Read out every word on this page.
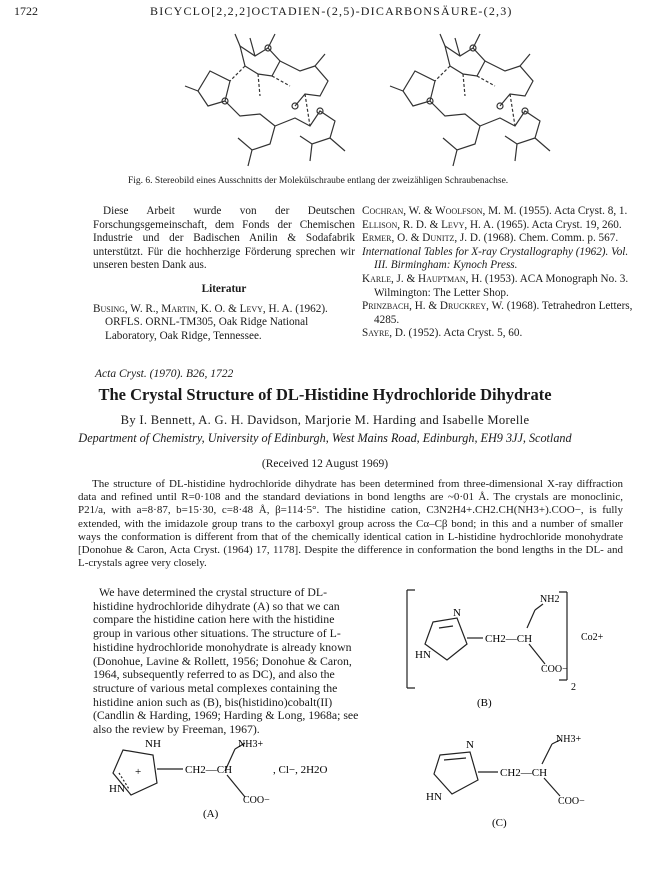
1722	BICYCLO[2,2,2]OCTADIEN-(2,5)-DICARBONSÄURE-(2,3)
Fig. 6. Stereobild eines Ausschnitts der Molekülschraube entlang der zweizähligen Schraubenachse.
Diese Arbeit wurde von der Deutschen Forschungsgemeinschaft, dem Fonds der Chemischen Industrie und der Badischen Anilin & Sodafabrik unterstützt. Für die hochherzige Förderung sprechen wir unseren besten Dank aus.
Literatur

Busing, W. R., Martin, K. O. & Levy, H. A. (1962). ORFLS. ORNL-TM305, Oak Ridge National Laboratory, Oak Ridge, Tennessee.

Cochran, W. & Woolfson, M. M. (1955). Acta Cryst. 8, 1.

Ellison, R. D. & Levy, H. A. (1965). Acta Cryst. 19, 260.

Ermer, O. & Dunitz, J. D. (1968). Chem. Comm. p. 567.

International Tables for X-ray Crystallography (1962). Vol. III. Birmingham: Kynoch Press.

Karle, J. & Hauptman, H. (1953). ACA Monograph No. 3. Wilmington: The Letter Shop.

Prinzbach, H. & Druckrey, W. (1968). Tetrahedron Letters, 4285.

Sayre, D. (1952). Acta Cryst. 5, 60.

Acta Cryst. (1970). B26, 1722
The Crystal Structure of DL-Histidine Hydrochloride Dihydrate
By I. Bennett, A. G. H. Davidson, Marjorie M. Harding and Isabelle Morelle
Department of Chemistry, University of Edinburgh, West Mains Road, Edinburgh, EH9 3JJ, Scotland
(Received 12 August 1969)
The structure of DL-histidine hydrochloride dihydrate has been determined from three-dimensional X-ray diffraction data and refined until R=0·108 and the standard deviations in bond lengths are ~0·01 Å. The crystals are monoclinic, P21/a, with a=8·87, b=15·30, c=8·48 Å, β=114·5°. The histidine cation, C3N2H4+.CH2.CH(NH3+).COO−, is fully extended, with the imidazole group trans to the carboxyl group across the Cα–Cβ bond; in this and a number of smaller ways the conformation is different from that of the chemically identical cation in L-histidine hydrochloride monohydrate [Donohue & Caron, Acta Cryst. (1964) 17, 1178]. Despite the difference in conformation the bond lengths in the DL- and L-crystals agree very closely.
We have determined the crystal structure of DL-histidine hydrochloride dihydrate (A) so that we can compare the histidine cation here with the histidine group in various other situations. The structure of L-histidine hydrochloride monohydrate is already known (Donohue, Lavine & Rollett, 1956; Donohue & Caron, 1964, subsequently referred to as DC), and also the structure of various metal complexes containing the histidine anion such as (B), bis(histidino)cobalt(II) (Candlin & Harding, 1969; Harding & Long, 1968a; see also the review by Freeman, 1967).
NH
HN
+	CH2—CH
NH3+
COO−
, Cl−, 2H2O
(A)
N
HN
CH2—CH
NH2
COO−
Co2+
2
(B)
N
HN
CH2—CH
NH3+
COO−
(C)
